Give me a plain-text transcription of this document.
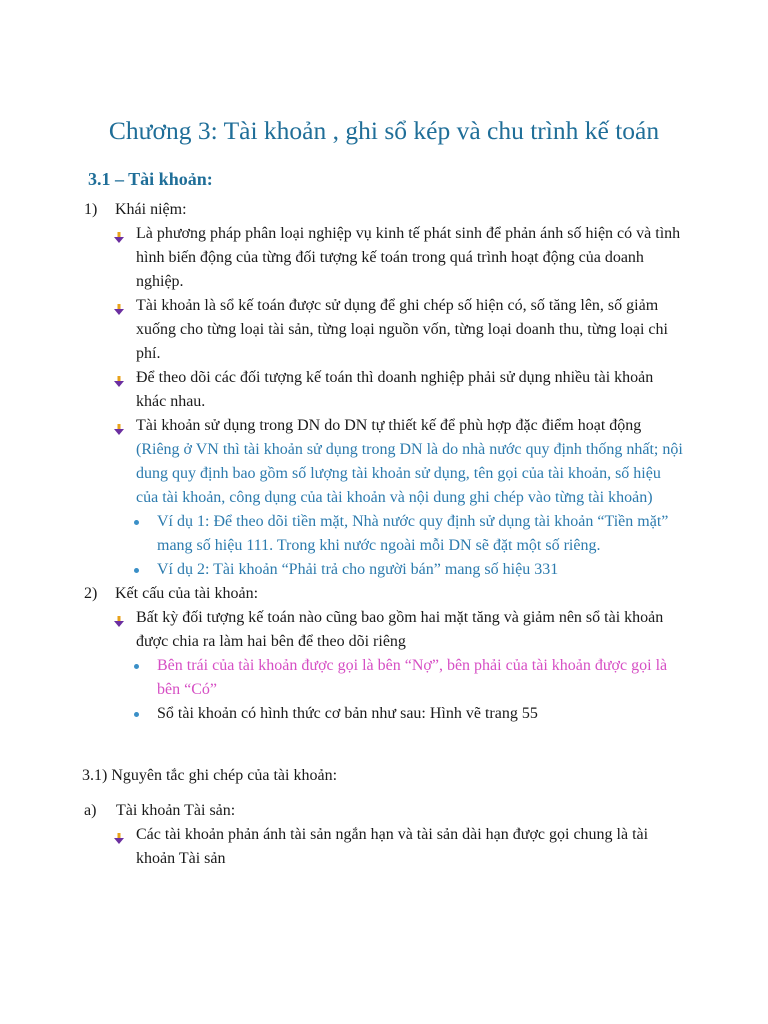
Chương 3: Tài khoản , ghi sổ kép và chu trình kế toán
3.1 – Tài khoản:
1)	Khái niệm:
Là phương pháp phân loại nghiệp vụ kinh tế phát sinh để phản ánh số hiện có và tình hình biến động của từng đối tượng kế toán trong quá trình hoạt động của doanh nghiệp.
Tài khoản là sổ kế toán được sử dụng để ghi chép số hiện có, số tăng lên, số giảm xuống cho từng loại tài sản, từng loại nguồn vốn, từng loại doanh thu, từng loại chi phí.
Để theo dõi các đối tượng kế toán thì doanh nghiệp phải sử dụng nhiều tài khoản khác nhau.
Tài khoản sử dụng trong DN do DN tự thiết kế để phù hợp đặc điểm hoạt động (Riêng ở VN thì tài khoản sử dụng trong DN là do nhà nước quy định thống nhất; nội dung quy định bao gồm số lượng tài khoản sử dụng, tên gọi của tài khoản, số hiệu của tài khoản, công dụng của tài khoản và nội dung ghi chép vào từng tài khoản)
Ví dụ 1: Để theo dõi tiền mặt, Nhà nước quy định sử dụng tài khoản “Tiền mặt” mang số hiệu 111. Trong khi nước ngoài mỗi DN sẽ đặt một số riêng.
Ví dụ 2: Tài khoản “Phải trả cho người bán” mang số hiệu 331
2)	Kết cấu của tài khoản:
Bất kỳ đối tượng kế toán nào cũng bao gồm hai mặt tăng và giảm nên sổ tài khoản được chia ra làm hai bên để theo dõi riêng
Bên trái của tài khoản được gọi là bên “Nợ”, bên phải của tài khoản được gọi là bên “Có”
Sổ tài khoản có hình thức cơ bản như sau: Hình vẽ trang 55
3.1) Nguyên tắc ghi chép của tài khoản:
a)	Tài khoản Tài sản:
Các tài khoản phản ánh tài sản ngắn hạn và tài sản dài hạn được gọi chung là tài khoản Tài sản
